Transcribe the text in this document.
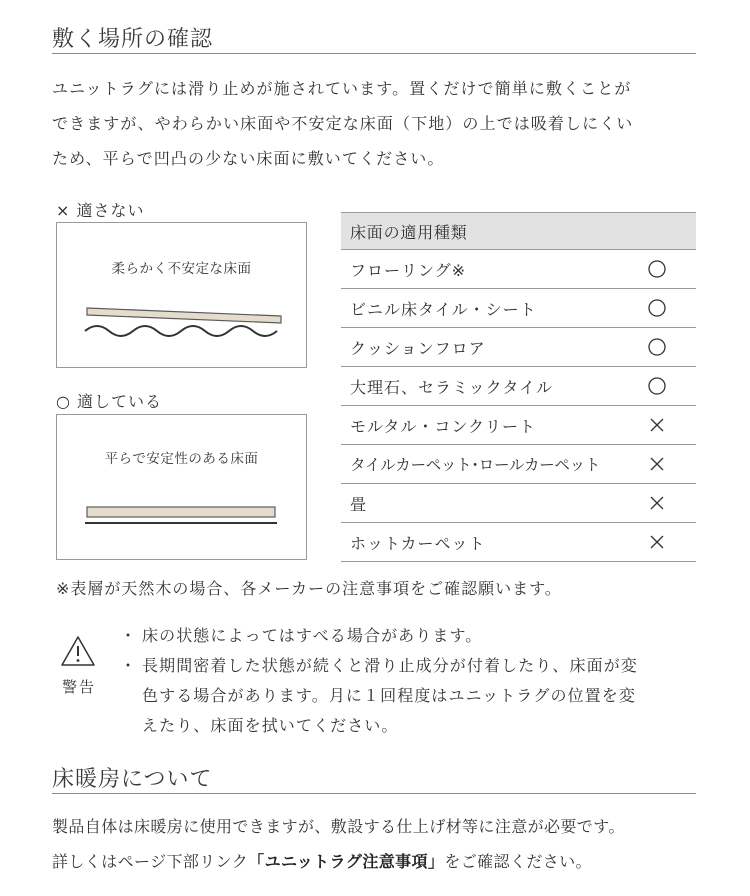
敷く場所の確認
ユニットラグには滑り止めが施されています。置くだけで簡単に敷くことが
できますが、やわらかい床面や不安定な床面（下地）の上では吸着しにくい
ため、平らで凹凸の少ない床面に敷いてください。
× 適さない
柔らかく不安定な床面
○ 適している
平らで安定性のある床面
床面の適用種類
フローリング※
ビニル床タイル・シート
クッションフロア
大理石、セラミックタイル
モルタル・コンクリート
タイルカーペット･ロールカーペット
畳
ホットカーペット
※表層が天然木の場合、各メーカーの注意事項をご確認願います。
警告
・ 床の状態によってはすべる場合があります。
・ 長期間密着した状態が続くと滑り止成分が付着したり、床面が変
色する場合があります。月に１回程度はユニットラグの位置を変
えたり、床面を拭いてください。
床暖房について
製品自体は床暖房に使用できますが、敷設する仕上げ材等に注意が必要です。
詳しくはページ下部リンク「ユニットラグ注意事項」をご確認ください。
